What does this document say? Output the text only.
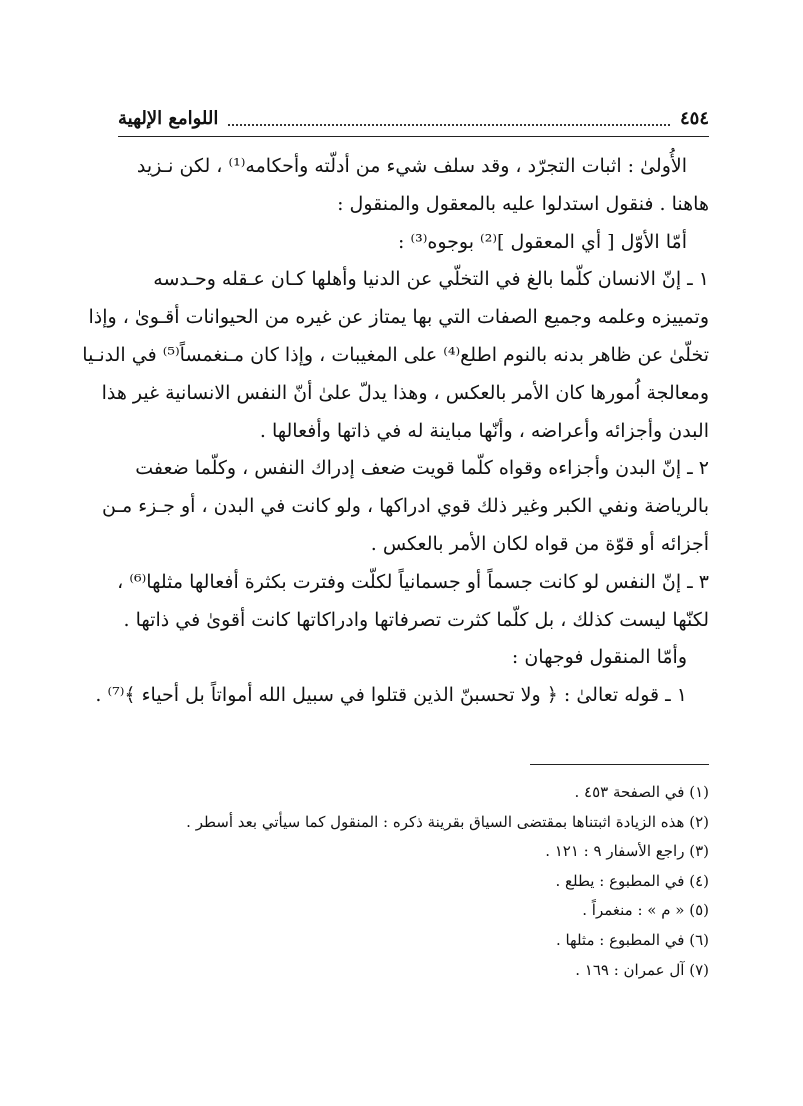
٤٥٤
اللوامع الإلهية
الأُولىٰ : اثبات التجرّد ، وقد سلف شيء من أدلّته وأحكامه⁽¹⁾ ، لكن نـزيد
هاهنا . فنقول استدلوا عليه بالمعقول والمنقول :
أمّا الأوّل [ أي المعقول ]⁽²⁾ بوجوه⁽³⁾ :
١ ـ إنّ الانسان كلّما بالغ في التخلّي عن الدنيا وأهلها كـان عـقله وحـدسه
وتمييزه وعلمه وجميع الصفات التي بها يمتاز عن غيره من الحيوانات أقـوىٰ ، وإذا
تخلّىٰ عن ظاهر بدنه بالنوم اطلع⁽⁴⁾ على المغيبات ، وإذا كان مـنغمساً⁽⁵⁾ في الدنـيا
ومعالجة اُمورها كان الأمر بالعكس ، وهذا يدلّ علىٰ أنّ النفس الانسانية غير هذا
البدن وأجزائه وأعراضه ، وأنّها مباينة له في ذاتها وأفعالها .
٢ ـ إنّ البدن وأجزاءه وقواه كلّما قويت ضعف إدراك النفس ، وكلّما ضعفت
بالرياضة ونفي الكبر وغير ذلك قوي ادراكها ، ولو كانت في البدن ، أو جـزء مـن
أجزائه أو قوّة من قواه لكان الأمر بالعكس .
٣ ـ إنّ النفس لو كانت جسماً أو جسمانياً لكلّت وفترت بكثرة أفعالها مثلها⁽⁶⁾ ،
لكنّها ليست كذلك ، بل كلّما كثرت تصرفاتها وادراكاتها كانت أقوىٰ في ذاتها .
وأمّا المنقول فوجهان :
١ ـ قوله تعالىٰ : ﴿ ولا تحسبنّ الذين قتلوا في سبيل الله أمواتاً بل أحياء ﴾⁽⁷⁾ .
(١) في الصفحة ٤٥٣ .
(٢) هذه الزيادة اثبتناها بمقتضى السياق بقرينة ذكره : المنقول كما سيأتي بعد أسطر .
(٣) راجع الأسفار ٩ : ١٢١ .
(٤) في المطبوع : يطلع .
(٥) « م » : منغمراً .
(٦) في المطبوع : مثلها .
(٧) آل عمران : ١٦٩ .
